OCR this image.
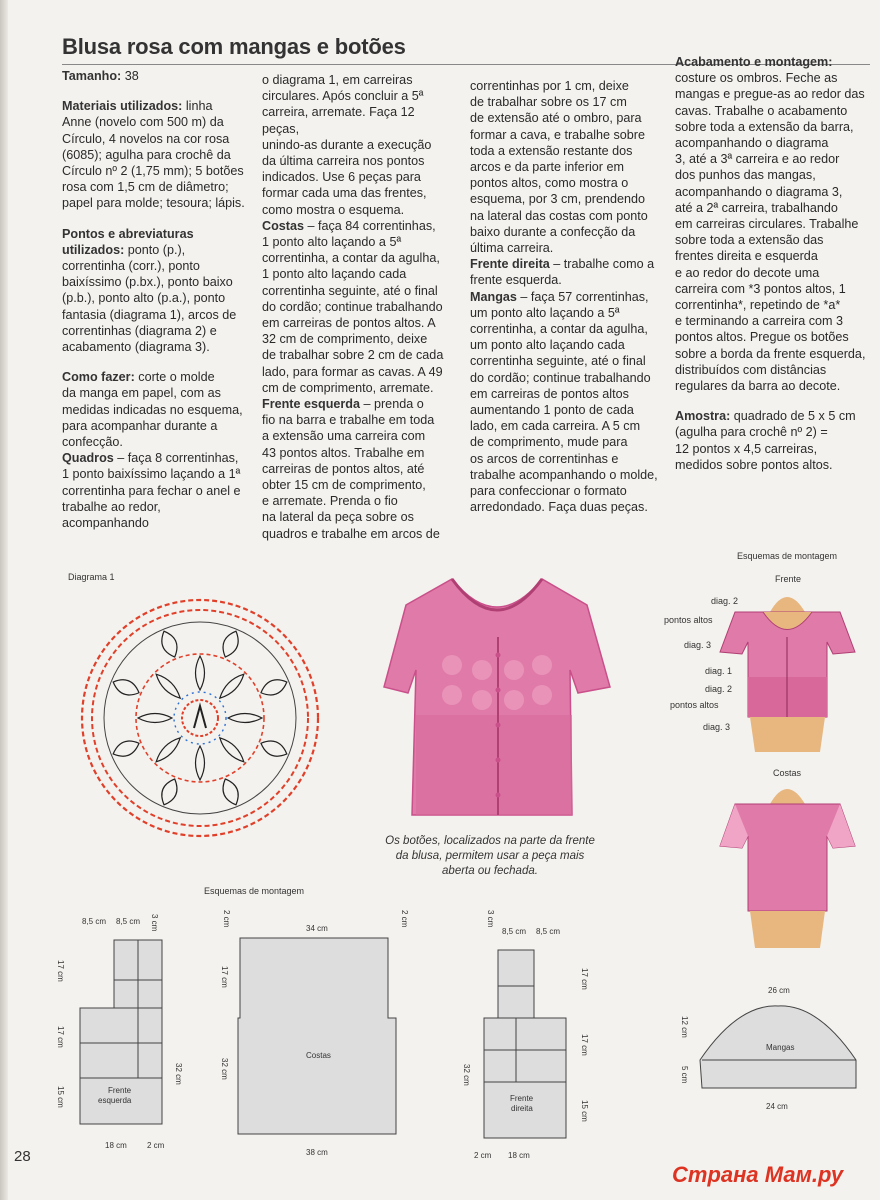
Blusa rosa com mangas e botões

Tamanho: 38

Materiais utilizados: linha
Anne (novelo com 500 m) da
Círculo, 4 novelos na cor rosa
(6085); agulha para crochê da
Círculo nº 2 (1,75 mm); 5 botões
rosa com 1,5 cm de diâmetro;
papel para molde; tesoura; lápis.

Pontos e abreviaturas
utilizados: ponto (p.),
correntinha (corr.), ponto
baixíssimo (p.bx.), ponto baixo
(p.b.), ponto alto (p.a.), ponto
fantasia (diagrama 1), arcos de
correntinhas (diagrama 2) e
acabamento (diagrama 3).

Como fazer: corte o molde
da manga em papel, com as
medidas indicadas no esquema,
para acompanhar durante a
confecção.

Quadros – faça 8 correntinhas,
1 ponto baixíssimo laçando a 1ª
correntinha para fechar o anel e
trabalhe ao redor, acompanhando

o diagrama 1, em carreiras
circulares. Após concluir a 5ª
carreira, arremate. Faça 12 peças,
unindo-as durante a execução
da última carreira nos pontos
indicados. Use 6 peças para
formar cada uma das frentes,
como mostra o esquema.

Costas – faça 84 correntinhas,
1 ponto alto laçando a 5ª
correntinha, a contar da agulha,
1 ponto alto laçando cada
correntinha seguinte, até o final
do cordão; continue trabalhando
em carreiras de pontos altos. A
32 cm de comprimento, deixe
de trabalhar sobre 2 cm de cada
lado, para formar as cavas. A 49
cm de comprimento, arremate.

Frente esquerda – prenda o
fio na barra e trabalhe em toda
a extensão uma carreira com
43 pontos altos. Trabalhe em
carreiras de pontos altos, até
obter 15 cm de comprimento,
e arremate. Prenda o fio
na lateral da peça sobre os
quadros e trabalhe em arcos de

correntinhas por 1 cm, deixe
de trabalhar sobre os 17 cm
de extensão até o ombro, para
formar a cava, e trabalhe sobre
toda a extensão restante dos
arcos e da parte inferior em
pontos altos, como mostra o
esquema, por 3 cm, prendendo
na lateral das costas com ponto
baixo durante a confecção da
última carreira.

Frente direita – trabalhe como a
frente esquerda.

Mangas – faça 57 correntinhas,
um ponto alto laçando a 5ª
correntinha, a contar da agulha,
um ponto alto laçando cada
correntinha seguinte, até o final
do cordão; continue trabalhando
em carreiras de pontos altos
aumentando 1 ponto de cada
lado, em cada carreira. A 5 cm
de comprimento, mude para
os arcos de correntinhas e
trabalhe acompanhando o molde,
para confeccionar o formato
arredondado. Faça duas peças.

Acabamento e montagem:
costure os ombros. Feche as
mangas e pregue-as ao redor das
cavas. Trabalhe o acabamento
sobre toda a extensão da barra,
acompanhando o diagrama
3, até a 3ª carreira e ao redor
dos punhos das mangas,
acompanhando o diagrama 3,
até a 2ª carreira, trabalhando
em carreiras circulares. Trabalhe
sobre toda a extensão das
frentes direita e esquerda
e ao redor do decote uma
carreira com *3 pontos altos, 1
correntinha*, repetindo de *a*
e terminando a carreira com 3
pontos altos. Pregue os botões
sobre a borda da frente esquerda,
distribuídos com distâncias
regulares da barra ao decote.

Amostra: quadrado de 5 x 5 cm
(agulha para crochê nº 2) =
12 pontos x 4,5 carreiras,
medidos sobre pontos altos.

Diagrama 1
Os botões, localizados na parte da frente
da blusa, permitem usar a peça mais
aberta ou fechada.
Esquemas de montagem
Frente
diag. 2
pontos altos
diag. 3
diag. 1
diag. 2
pontos altos
diag. 3
Costas
Esquemas de montagem
Frente
esquerda
8,5 cm 8,5 cm 3 cm
17 cm
17 cm
15 cm
32 cm
18 cm	2 cm
Costas
34 cm
2 cm	2 cm
17 cm
32 cm
38 cm
Frente
direita
8,5 cm 8,5 cm
3 cm
17 cm
17 cm
15 cm
32 cm
2 cm 18 cm
Mangas
26 cm
24 cm
12 cm
5 cm
28
Страна Мам.ру
